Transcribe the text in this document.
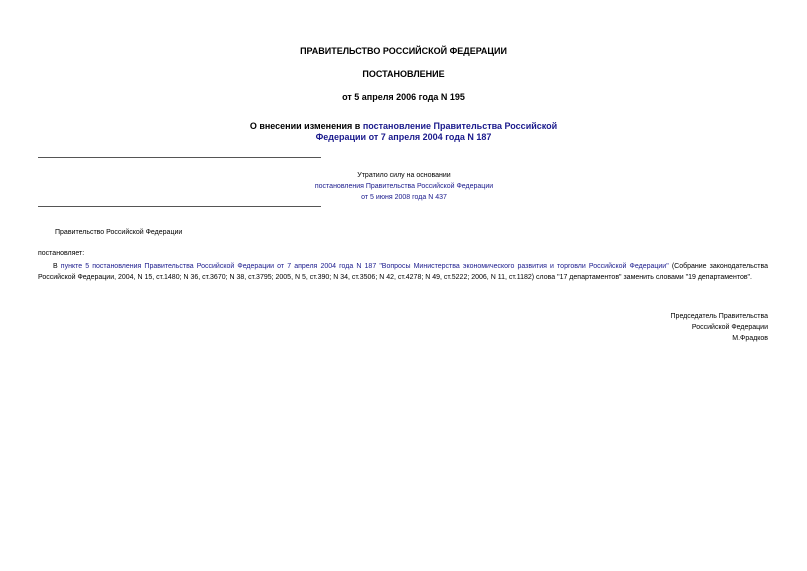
ПРАВИТЕЛЬСТВО РОССИЙСКОЙ ФЕДЕРАЦИИ
ПОСТАНОВЛЕНИЕ
от 5 апреля 2006 года N 195
О внесении изменения в постановление Правительства Российской
Федерации от 7 апреля 2004 года N 187
Утратило силу на основании
постановления Правительства Российской Федерации
от 5 июня 2008 года N 437
Правительство Российской Федерации
постановляет:
В пункте 5 постановления Правительства Российской Федерации от 7 апреля 2004 года N 187 "Вопросы Министерства экономического развития и торговли Российской Федерации" (Собрание законодательства Российской Федерации, 2004, N 15, ст.1480; N 36, ст.3670; N 38, ст.3795; 2005, N 5, ст.390; N 34, ст.3506; N 42, ст.4278; N 49, ст.5222; 2006, N 11, ст.1182) слова "17 департаментов" заменить словами "19 департаментов".
Председатель Правительства
Российской Федерации
М.Фрадков
